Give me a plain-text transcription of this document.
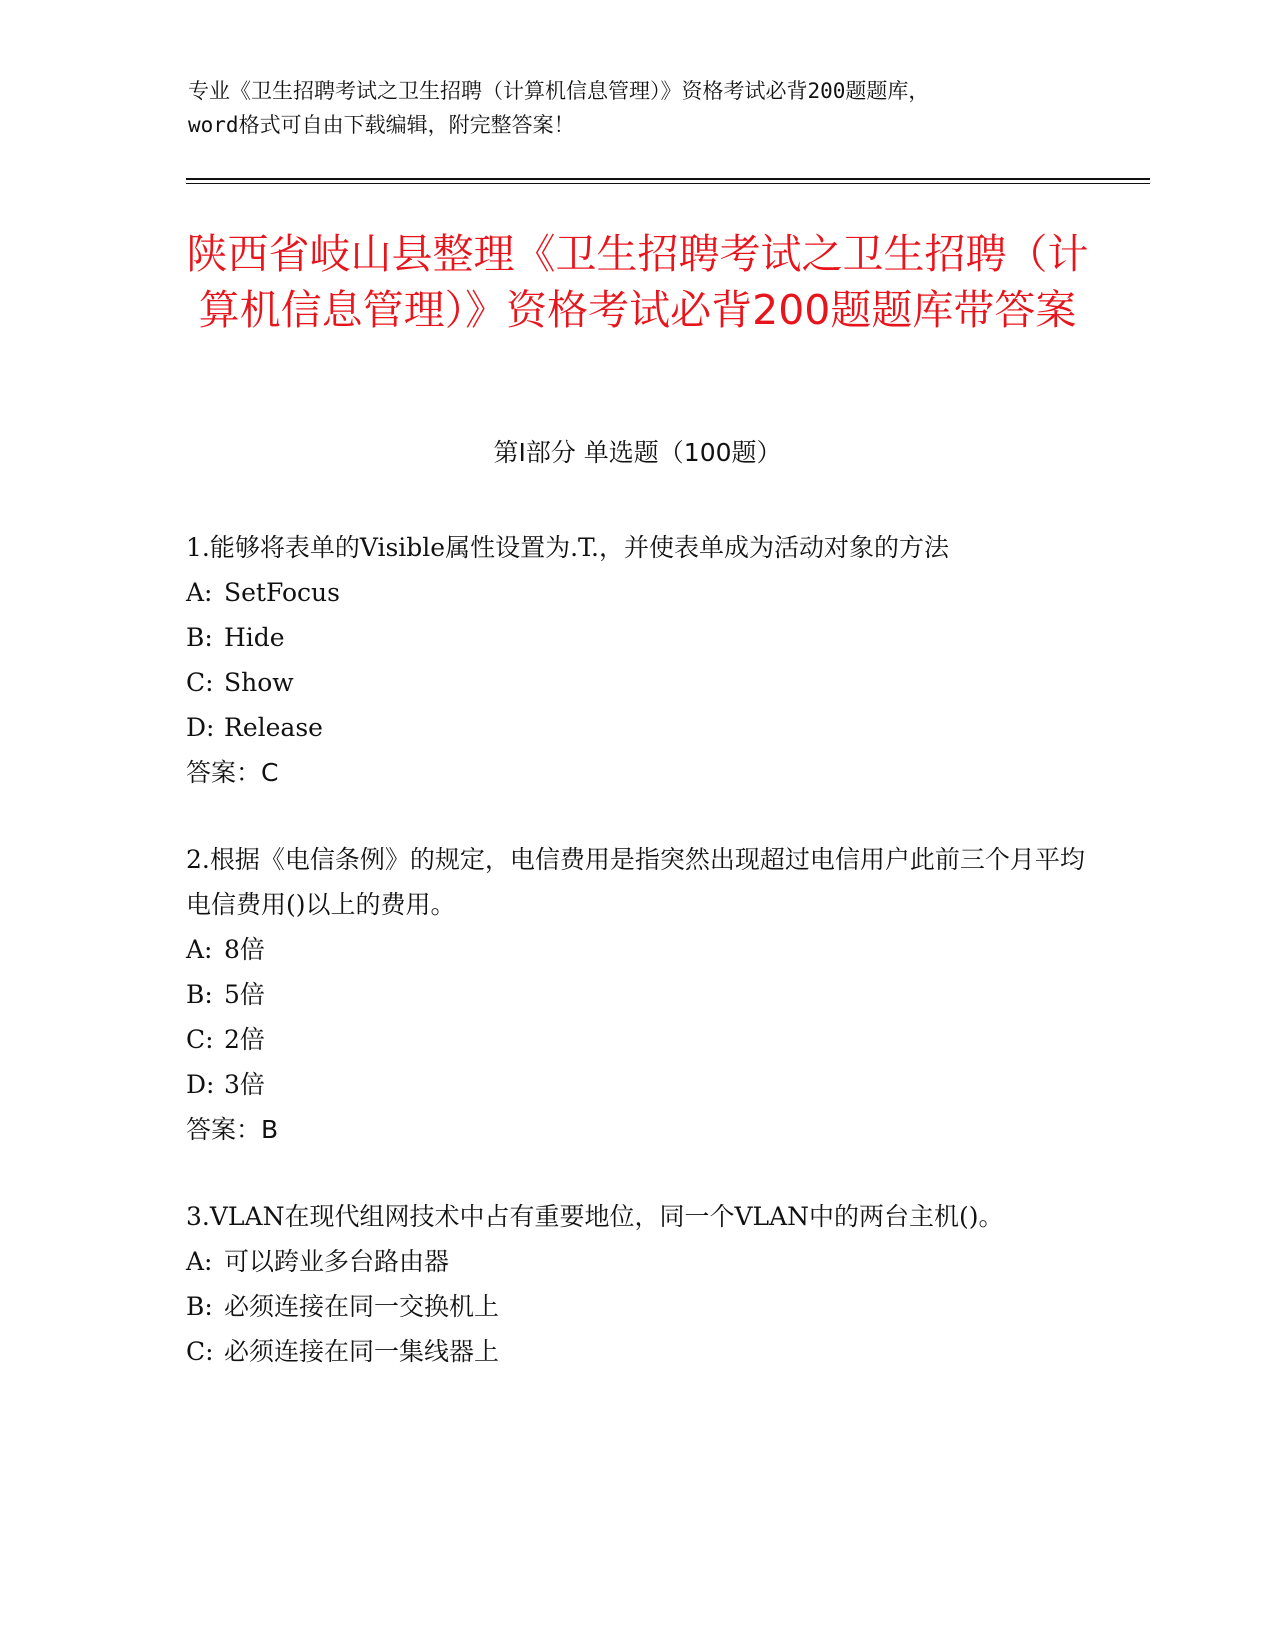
专业《卫生招聘考试之卫生招聘（计算机信息管理）》资格考试必背200题题库，
word格式可自由下载编辑，附完整答案！
陕西省岐山县整理《卫生招聘考试之卫生招聘（计算机信息管理）》资格考试必背200题题库带答案
第Ⅰ部分 单选题（100题）

1.能够将表单的Visible属性设置为.T.，并使表单成为活动对象的方法

A: SetFocus
B: Hide
C: Show
D: Release
答案：C

2.根据《电信条例》的规定，电信费用是指突然出现超过电信用户此前三个月平均电信费用()以上的费用。

A: 8倍
B: 5倍
C: 2倍
D: 3倍
答案：B

3.VLAN在现代组网技术中占有重要地位，同一个VLAN中的两台主机()。

A: 可以跨业多台路由器
B: 必须连接在同一交换机上
C: 必须连接在同一集线器上
